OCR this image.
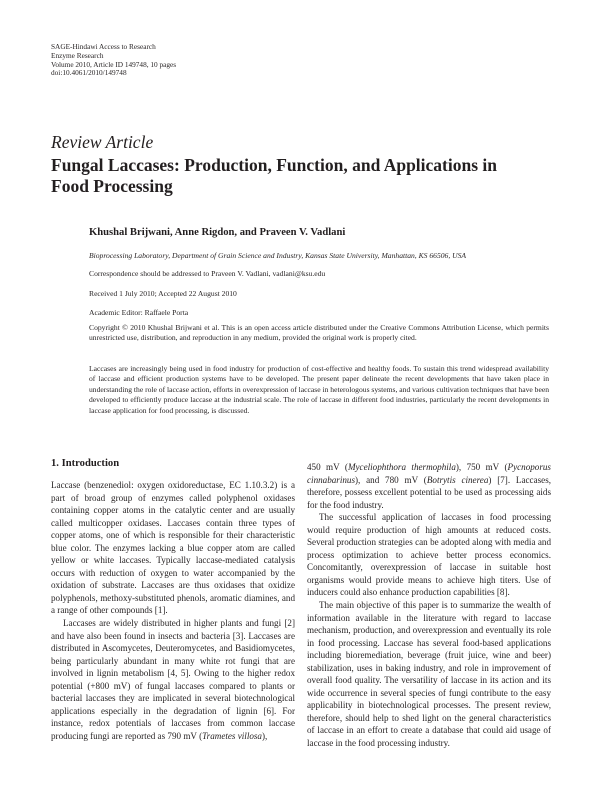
SAGE-Hindawi Access to Research
Enzyme Research
Volume 2010, Article ID 149748, 10 pages
doi:10.4061/2010/149748
Review Article
Fungal Laccases: Production, Function, and Applications in Food Processing
Khushal Brijwani, Anne Rigdon, and Praveen V. Vadlani
Bioprocessing Laboratory, Department of Grain Science and Industry, Kansas State University, Manhattan, KS 66506, USA
Correspondence should be addressed to Praveen V. Vadlani, vadlani@ksu.edu
Received 1 July 2010; Accepted 22 August 2010
Academic Editor: Raffaele Porta
Copyright © 2010 Khushal Brijwani et al. This is an open access article distributed under the Creative Commons Attribution License, which permits unrestricted use, distribution, and reproduction in any medium, provided the original work is properly cited.
Laccases are increasingly being used in food industry for production of cost-effective and healthy foods. To sustain this trend widespread availability of laccase and efficient production systems have to be developed. The present paper delineate the recent developments that have taken place in understanding the role of laccase action, efforts in overexpression of laccase in heterologous systems, and various cultivation techniques that have been developed to efficiently produce laccase at the industrial scale. The role of laccase in different food industries, particularly the recent developments in laccase application for food processing, is discussed.
1. Introduction

Laccase (benzenediol: oxygen oxidoreductase, EC 1.10.3.2) is a part of broad group of enzymes called polyphenol oxidases containing copper atoms in the catalytic center and are usually called multicopper oxidases. Laccases contain three types of copper atoms, one of which is responsible for their characteristic blue color. The enzymes lacking a blue copper atom are called yellow or white laccases. Typically laccase-mediated catalysis occurs with reduction of oxygen to water accompanied by the oxidation of substrate. Laccases are thus oxidases that oxidize polyphenols, methoxy-substituted phenols, aromatic diamines, and a range of other compounds [1].

Laccases are widely distributed in higher plants and fungi [2] and have also been found in insects and bacteria [3]. Laccases are distributed in Ascomycetes, Deuteromycetes, and Basidiomycetes, being particularly abundant in many white rot fungi that are involved in lignin metabolism [4, 5]. Owing to the higher redox potential (+800 mV) of fungal laccases compared to plants or bacterial laccases they are implicated in several biotechnological applications especially in the degradation of lignin [6]. For instance, redox potentials of laccases from common laccase producing fungi are reported as 790 mV (Trametes villosa),

450 mV (Myceliophthora thermophila), 750 mV (Pycnoporus cinnabarinus), and 780 mV (Botrytis cinerea) [7]. Laccases, therefore, possess excellent potential to be used as processing aids for the food industry.

The successful application of laccases in food processing would require production of high amounts at reduced costs. Several production strategies can be adopted along with media and process optimization to achieve better process economics. Concomitantly, overexpression of laccase in suitable host organisms would provide means to achieve high titers. Use of inducers could also enhance production capabilities [8].

The main objective of this paper is to summarize the wealth of information available in the literature with regard to laccase mechanism, production, and overexpression and eventually its role in food processing. Laccase has several food-based applications including bioremediation, beverage (fruit juice, wine and beer) stabilization, uses in baking industry, and role in improvement of overall food quality. The versatility of laccase in its action and its wide occurrence in several species of fungi contribute to the easy applicability in biotechnological processes. The present review, therefore, should help to shed light on the general characteristics of laccase in an effort to create a database that could aid usage of laccase in the food processing industry.
